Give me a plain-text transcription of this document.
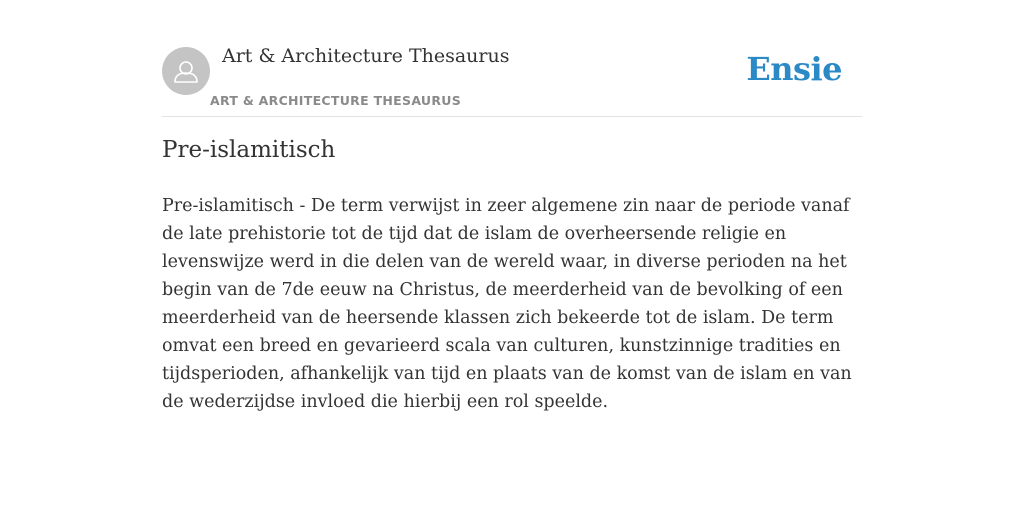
Art & Architecture Thesaurus
ART & ARCHITECTURE THESAURUS
Ensie
Pre-islamitisch

Pre-islamitisch - De term verwijst in zeer algemene zin naar de periode vanaf de late prehistorie tot de tijd dat de islam de overheersende religie en levenswijze werd in die delen van de wereld waar, in diverse perioden na het begin van de 7de eeuw na Christus, de meerderheid van de bevolking of een meerderheid van de heersende klassen zich bekeerde tot de islam. De term omvat een breed en gevarieerd scala van culturen, kunstzinnige tradities en tijdsperioden, afhankelijk van tijd en plaats van de komst van de islam en van de wederzijdse invloed die hierbij een rol speelde.
